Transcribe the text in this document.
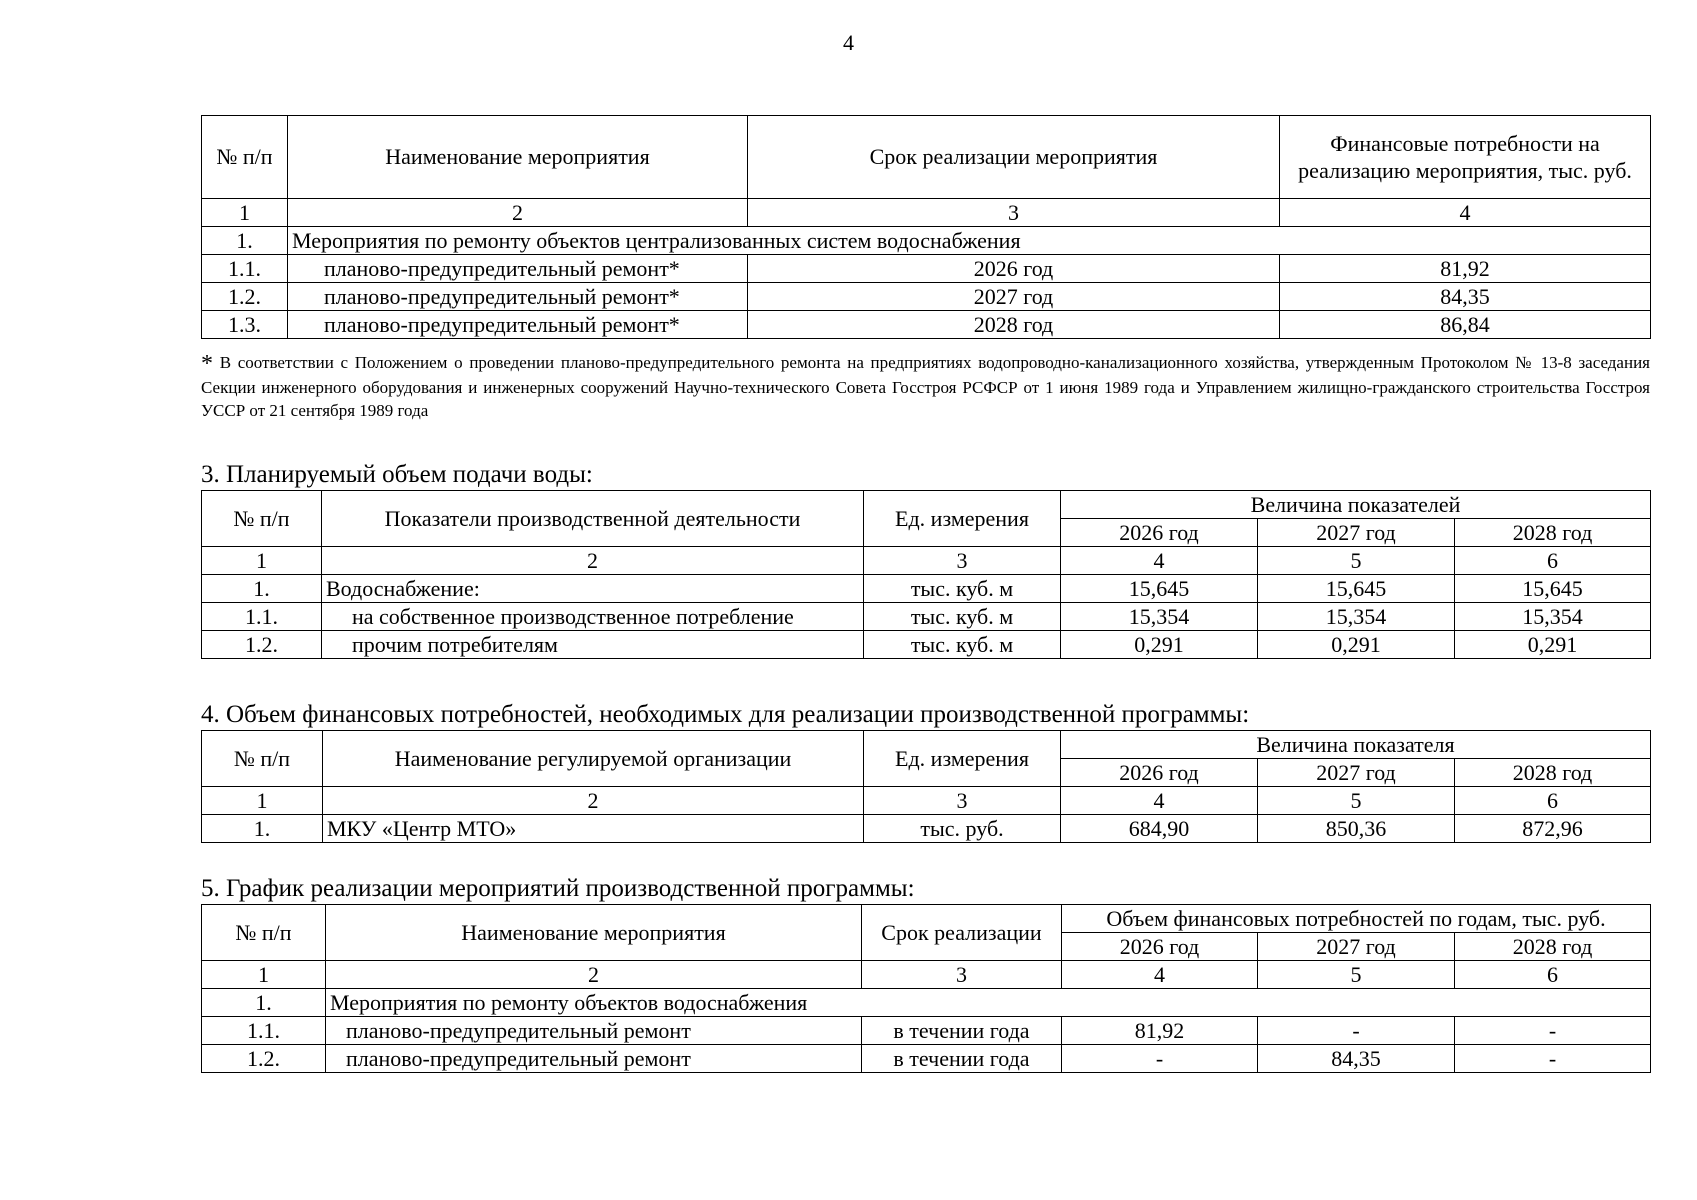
4
№ п/п	Наименование мероприятия	Срок реализации мероприятия	Финансовые потребности на реализацию мероприятия, тыс. руб.
1	2	3	4
1.	Мероприятия по ремонту объектов централизованных систем водоснабжения		
1.1.	планово-предупредительный ремонт*	2026 год	81,92
1.2.	планово-предупредительный ремонт*	2027 год	84,35
1.3.	планово-предупредительный ремонт*	2028 год	86,84
* В соответствии с Положением о проведении планово-предупредительного ремонта на предприятиях водопроводно-канализационного хозяйства, утвержденным Протоколом № 13-8 заседания Секции инженерного оборудования и инженерных сооружений Научно-технического Совета Госстроя РСФСР от 1 июня 1989 года и Управлением жилищно-гражданского строительства Госстроя УССР от 21 сентября 1989 года
3. Планируемый объем подачи воды:
№ п/п	Показатели производственной деятельности	Ед. измерения	Величина показателей		
			2026 год	2027 год	2028 год
1	2	3	4	5	6
1.	Водоснабжение:	тыс. куб. м	15,645	15,645	15,645
1.1.	на собственное производственное потребление	тыс. куб. м	15,354	15,354	15,354
1.2.	прочим потребителям	тыс. куб. м	0,291	0,291	0,291
4. Объем финансовых потребностей, необходимых для реализации производственной программы:
№ п/п	Наименование регулируемой организации	Ед. измерения	Величина показателя		
			2026 год	2027 год	2028 год
1	2	3	4	5	6
1.	МКУ «Центр МТО»	тыс. руб.	684,90	850,36	872,96
5. График реализации мероприятий производственной программы:
№ п/п	Наименование мероприятия	Срок реализации	Объем финансовых потребностей по годам, тыс. руб.		
			2026 год	2027 год	2028 год
1	2	3	4	5	6
1.	Мероприятия по ремонту объектов водоснабжения				
1.1.	планово-предупредительный ремонт	в течении года	81,92	-	-
1.2.	планово-предупредительный ремонт	в течении года	-	84,35	-
